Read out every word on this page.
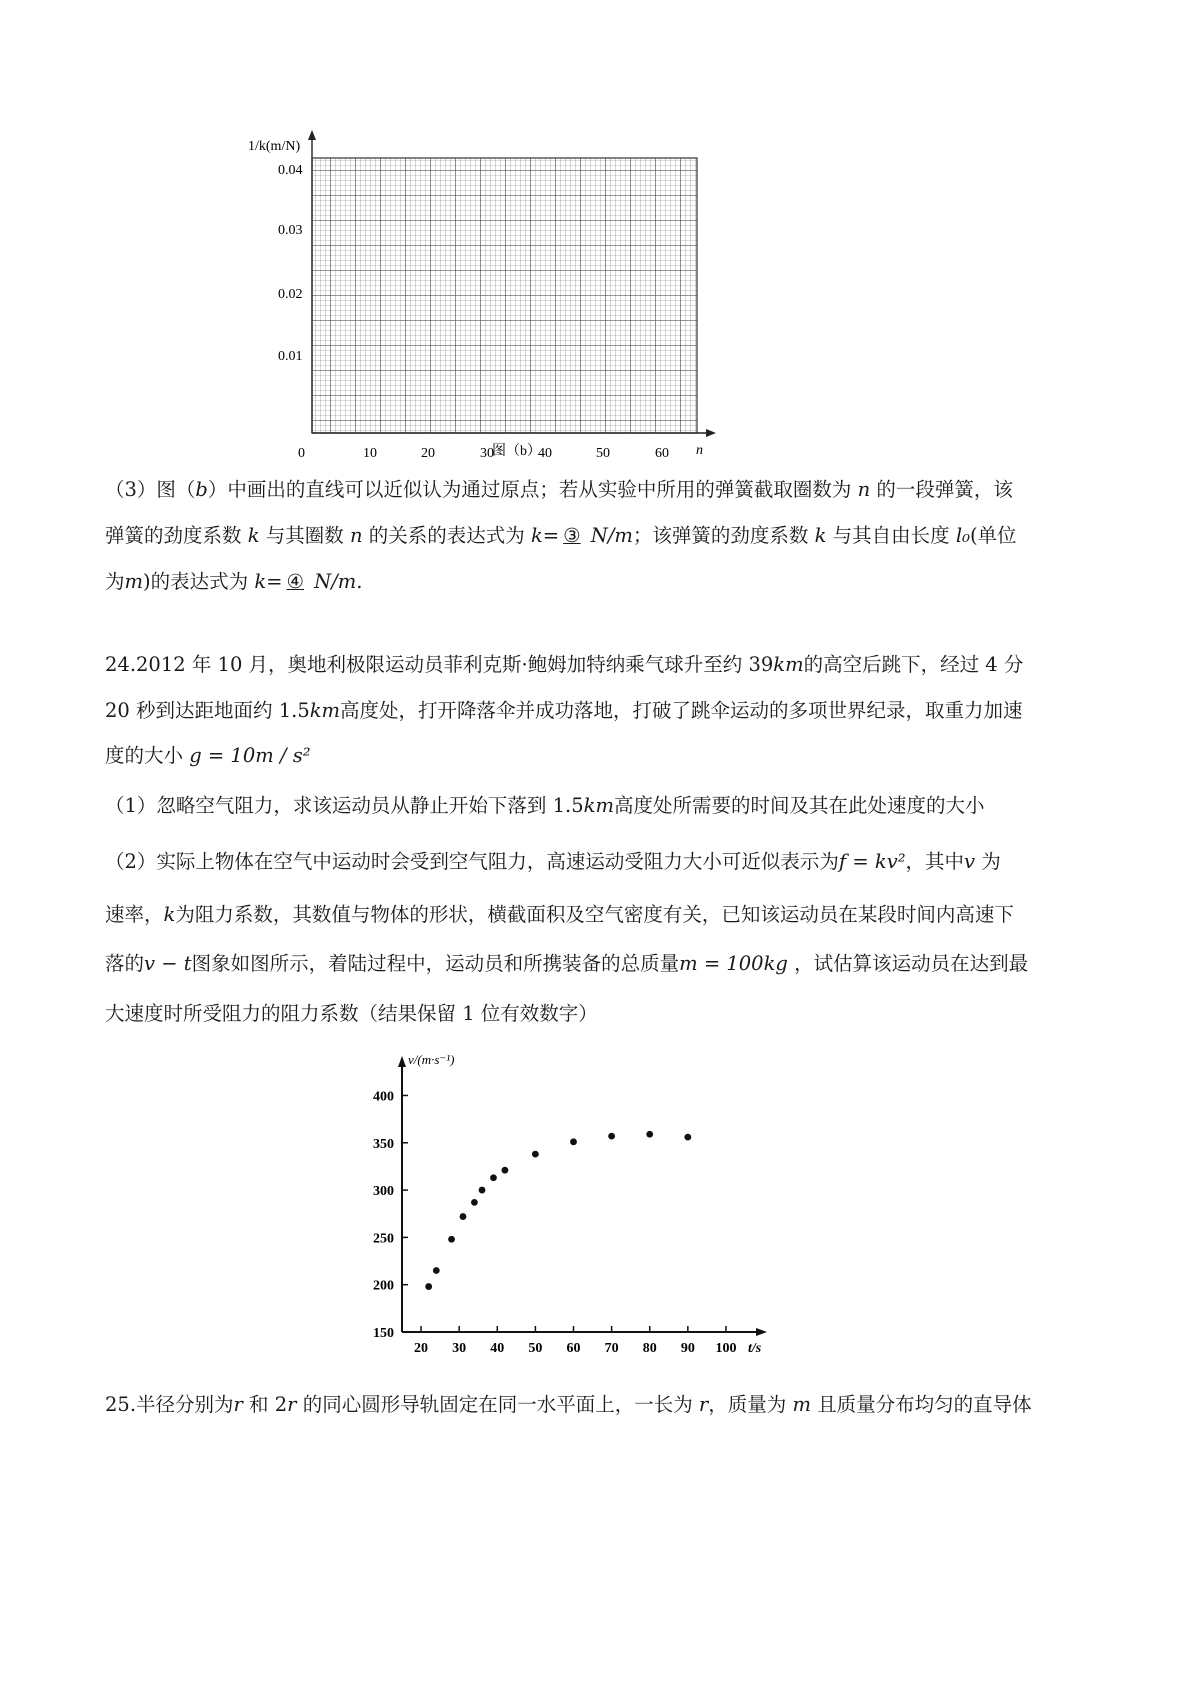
1/k(m/N)
0.04
0.03
0.02
0.01
0	10	20	30	40	50	60 n
图（b）
（3）图（b）中画出的直线可以近似认为通过原点；若从实验中所用的弹簧截取圈数为 n 的一段弹簧，该
弹簧的劲度系数 k 与其圈数 n 的关系的表达式为 k= ③ N/m；该弹簧的劲度系数 k 与其自由长度 l₀(单位
为m)的表达式为 k= ④ N/m.
24.2012 年 10 月，奥地利极限运动员菲利克斯·鲍姆加特纳乘气球升至约 39km的高空后跳下，经过 4 分
20 秒到达距地面约 1.5km高度处，打开降落伞并成功落地，打破了跳伞运动的多项世界纪录，取重力加速
度的大小 g = 10m / s²
（1）忽略空气阻力，求该运动员从静止开始下落到 1.5km高度处所需要的时间及其在此处速度的大小
（2）实际上物体在空气中运动时会受到空气阻力，高速运动受阻力大小可近似表示为f = kv²，其中v 为
速率，k为阻力系数，其数值与物体的形状，横截面积及空气密度有关，已知该运动员在某段时间内高速下
落的v − t图象如图所示，着陆过程中，运动员和所携装备的总质量m = 100kg ，试估算该运动员在达到最
大速度时所受阻力的阻力系数（结果保留 1 位有效数字）
150
200
250
300
350
400
20 30 40 50 60 70 80 90 100
v/(m·s⁻¹)
t/s
25.半径分别为r 和 2r 的同心圆形导轨固定在同一水平面上，一长为 r，质量为 m 且质量分布均匀的直导体
